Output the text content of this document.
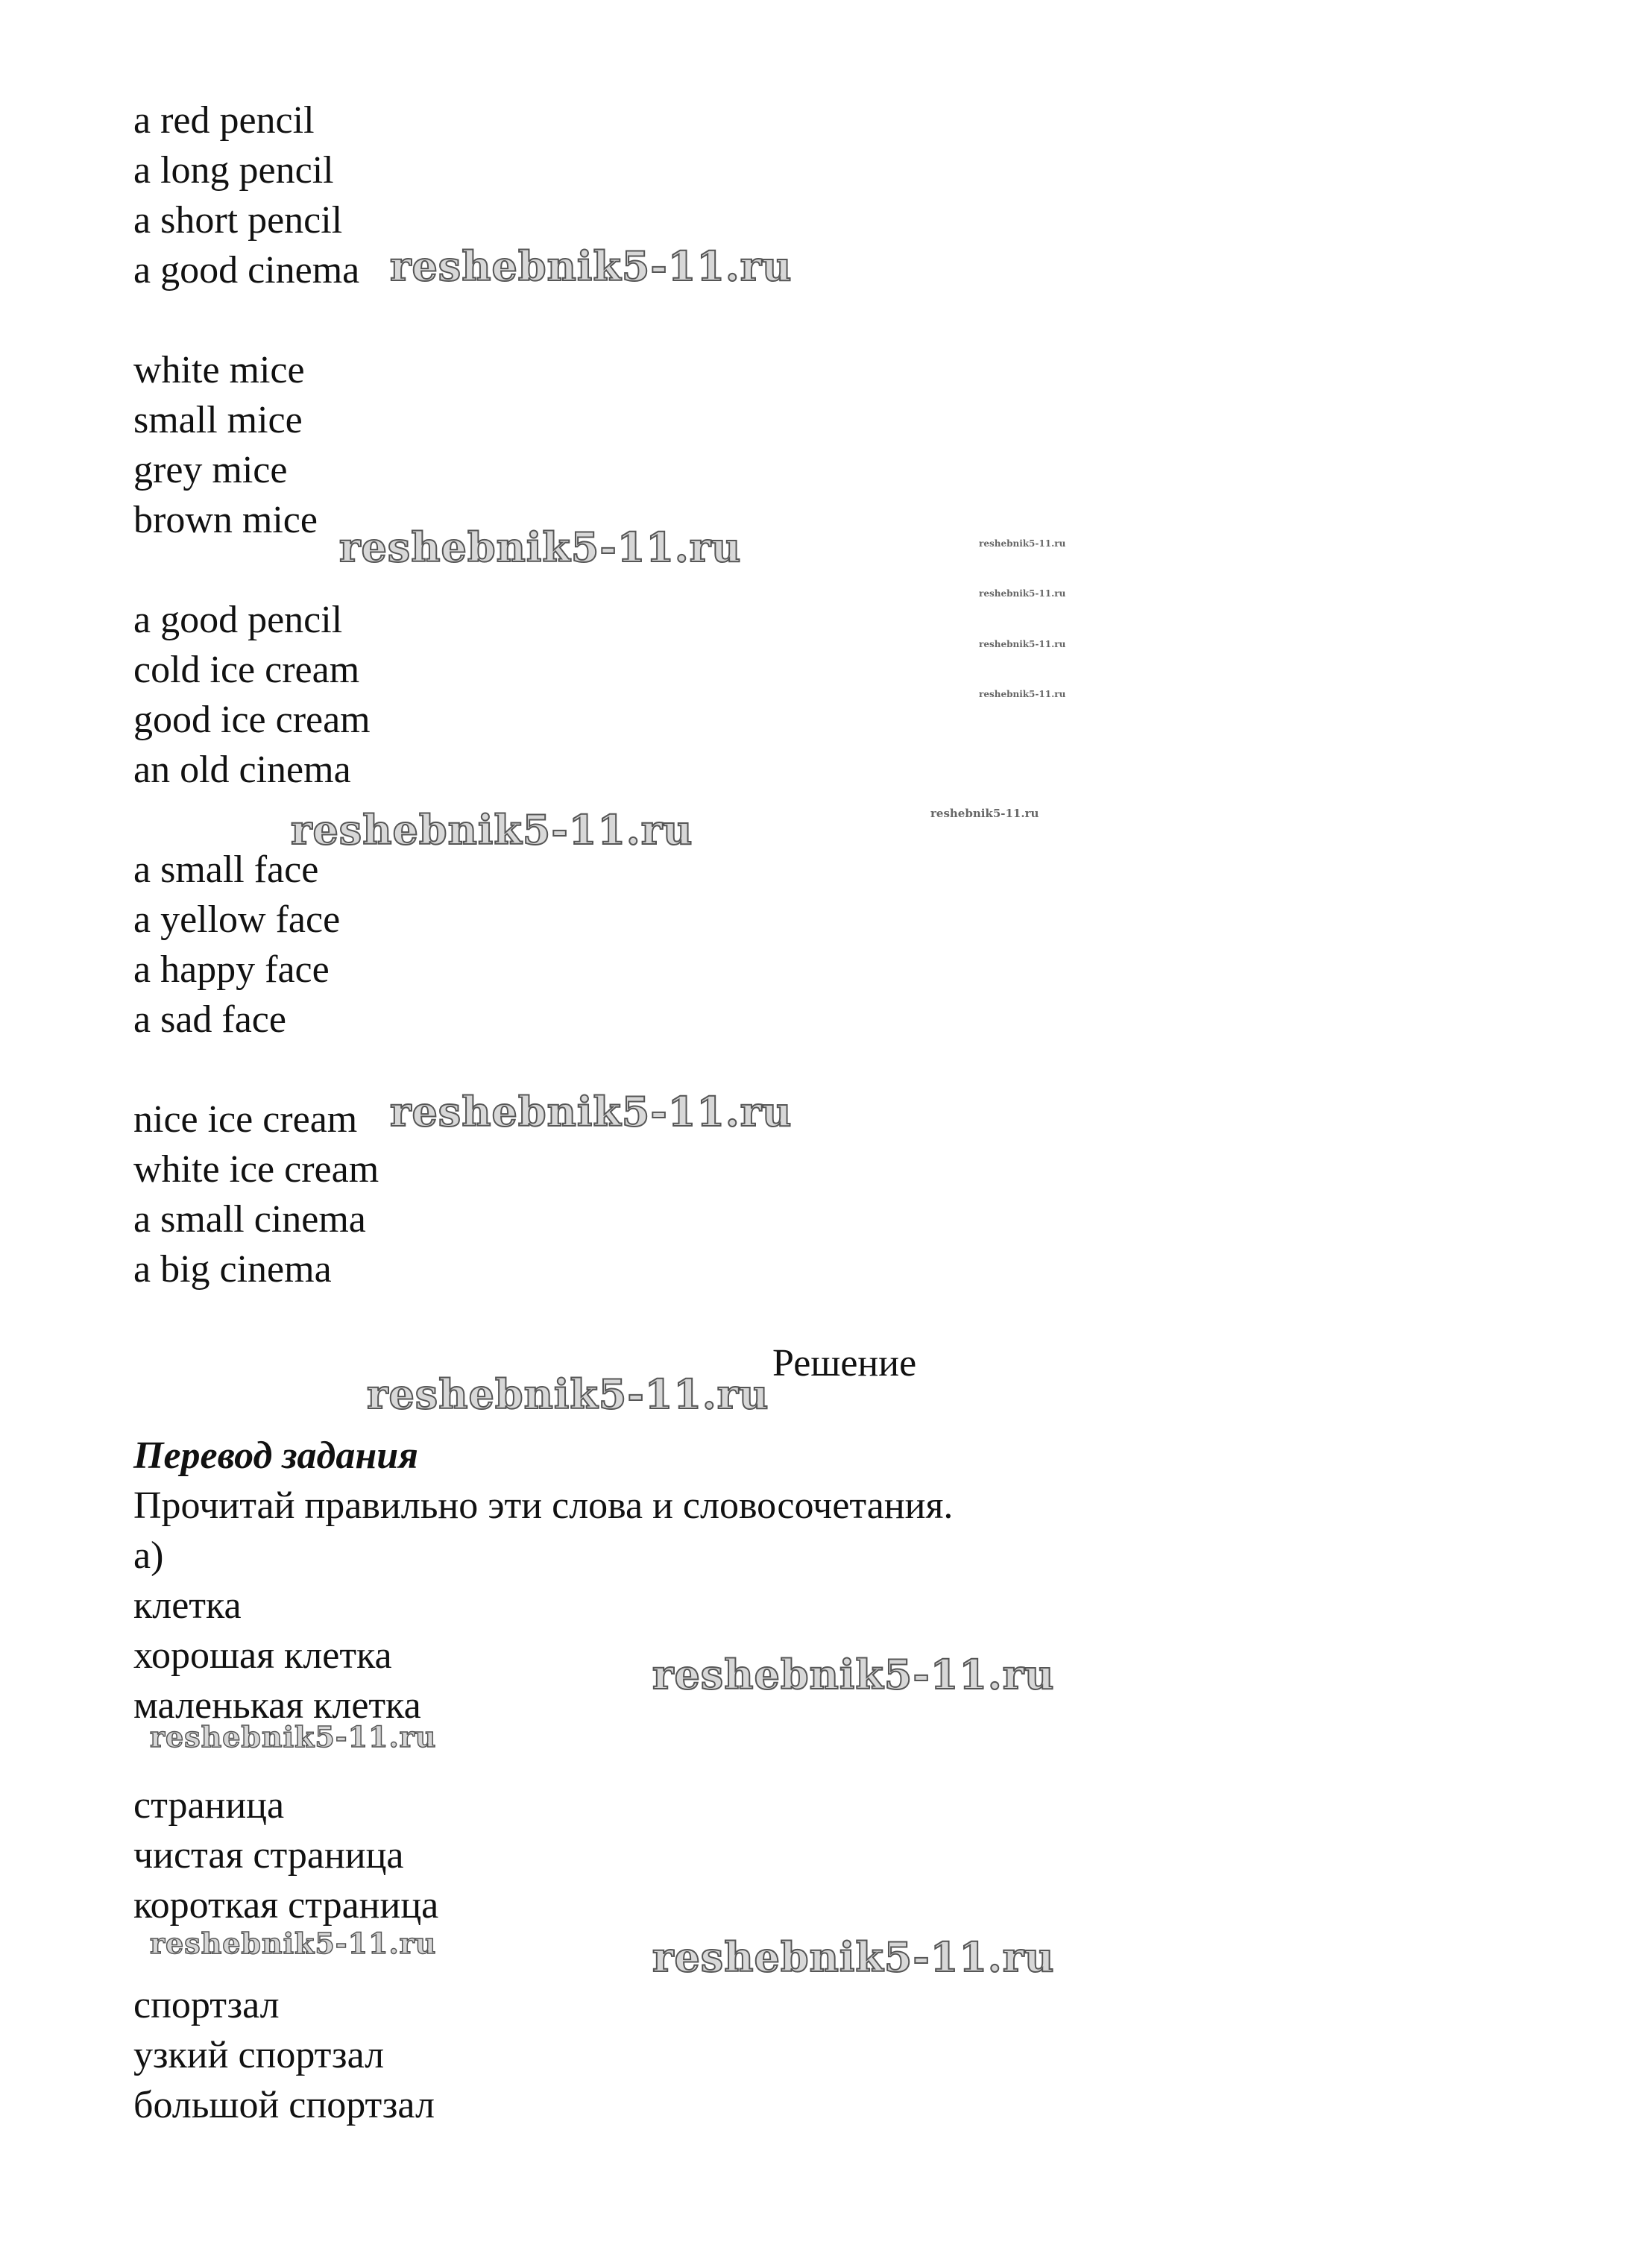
a red pencil
a long pencil
a short pencil
a good cinema
white mice
small mice
grey mice
brown mice
a good pencil
cold ice cream
good ice cream
an old cinema
a small face
a yellow face
a happy face
a sad face
nice ice cream
white ice cream
a small cinema
a big cinema
Решение
Перевод задания
Прочитай правильно эти слова и словосочетания.
а)
клетка
хорошая клетка
маленькая клетка
страница
чистая страница
короткая страница
спортзал
узкий спортзал
большой спортзал
reshebnik5-11.ru
reshebnik5-11.ru
reshebnik5-11.ru
reshebnik5-11.ru
reshebnik5-11.ru
reshebnik5-11.ru
reshebnik5-11.ru
reshebnik5-11.ru
reshebnik5-11.ru
reshebnik5-11.ru
reshebnik5-11.ru
reshebnik5-11.ru
reshebnik5-11.ru
reshebnik5-11.ru
